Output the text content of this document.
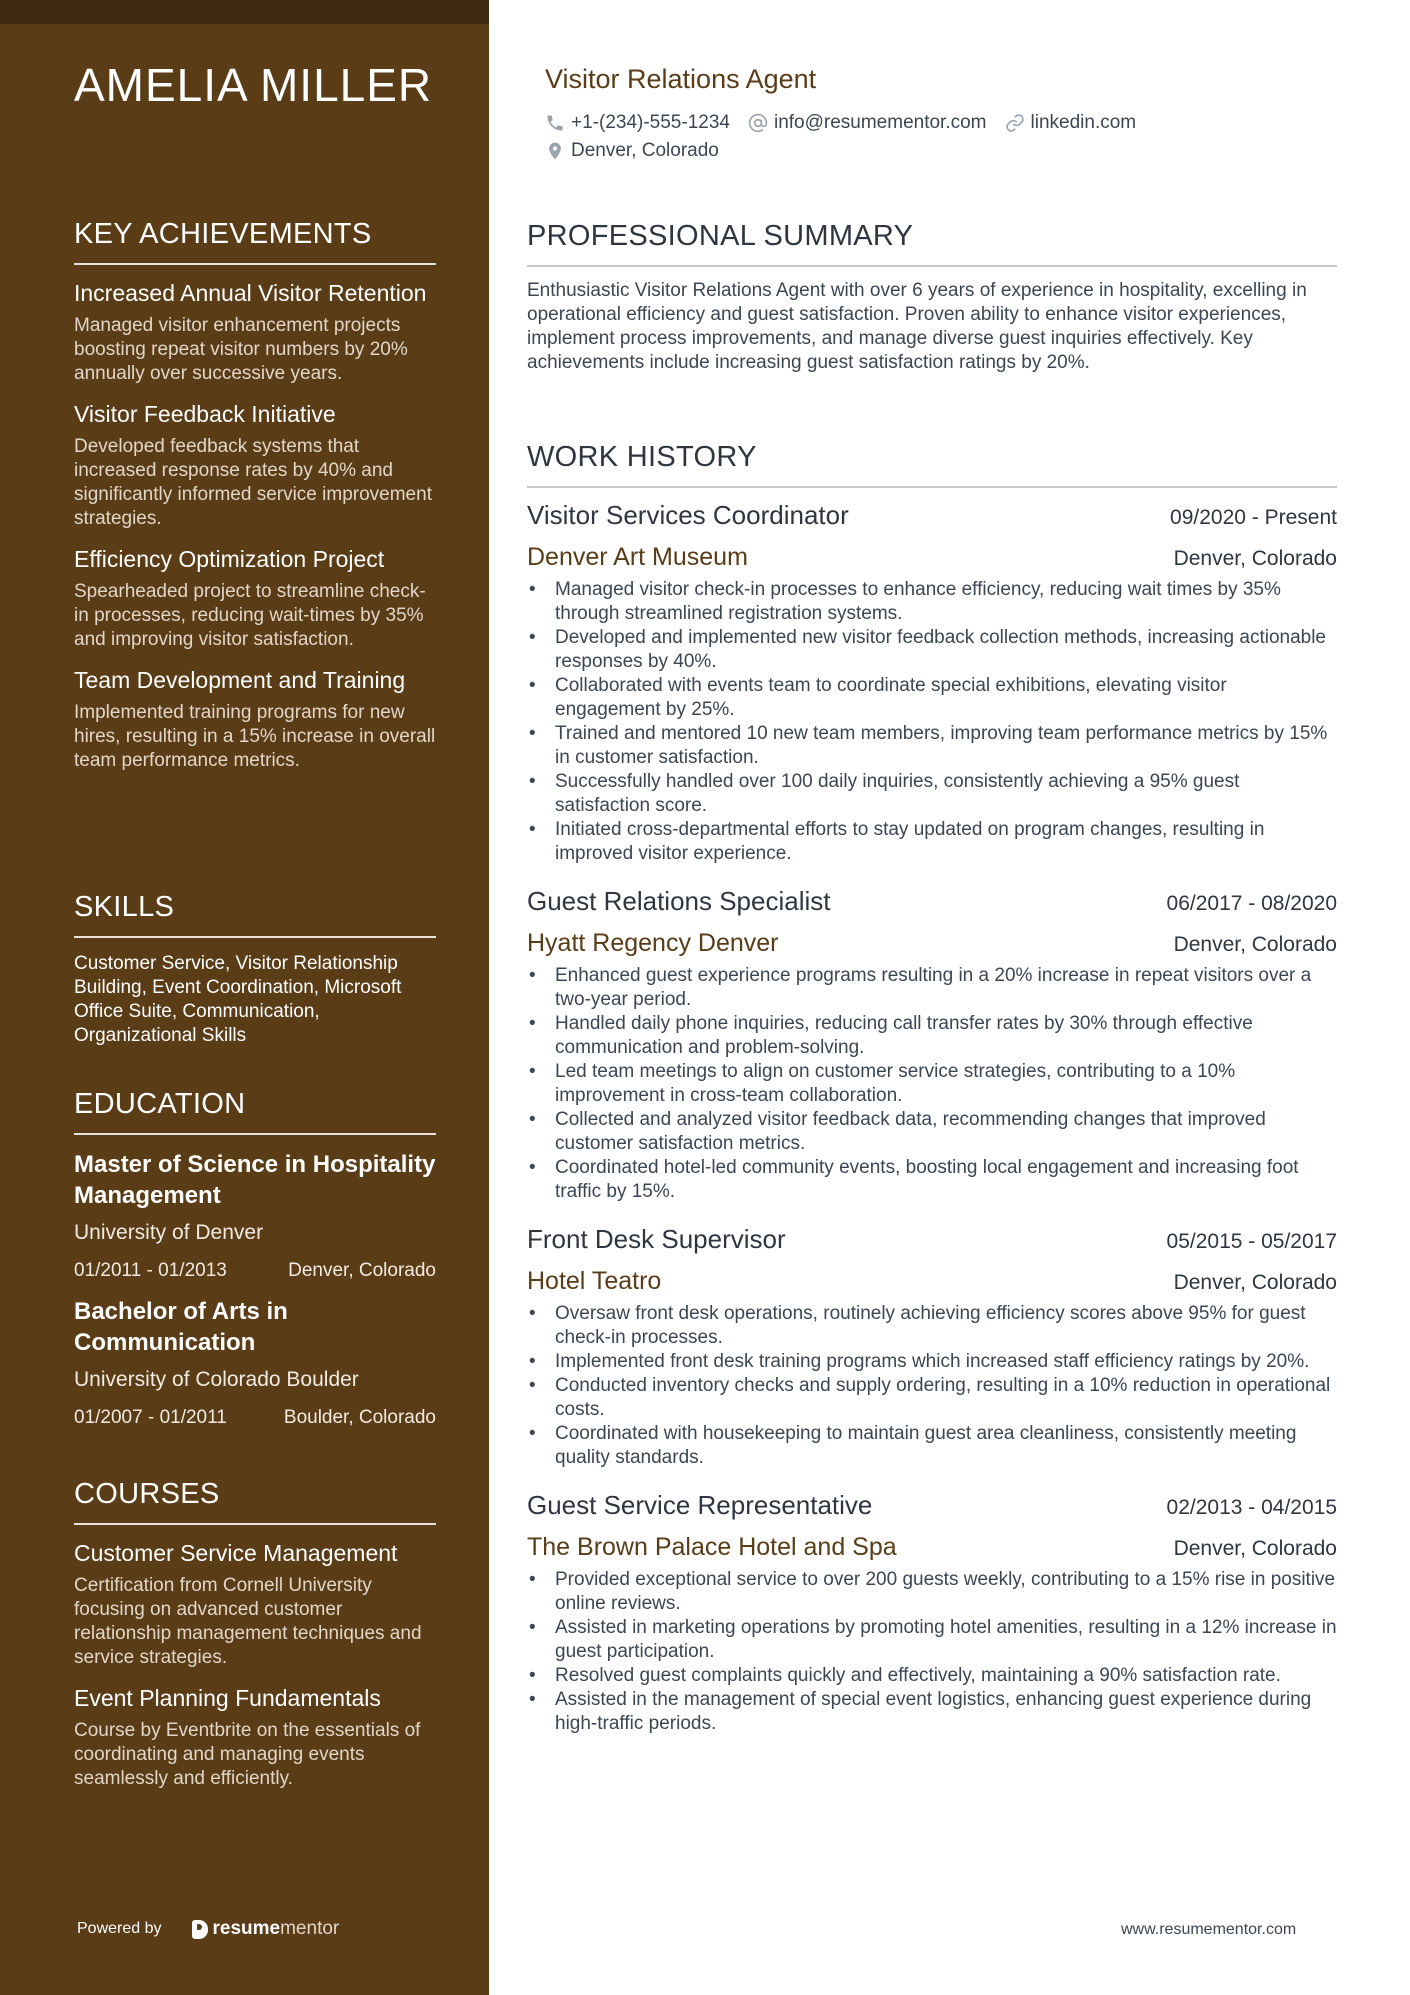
AMELIA MILLER
KEY ACHIEVEMENTS
Increased Annual Visitor Retention
Managed visitor enhancement projects boosting repeat visitor numbers by 20% annually over successive years.
Visitor Feedback Initiative
Developed feedback systems that increased response rates by 40% and significantly informed service improvement strategies.
Efficiency Optimization Project
Spearheaded project to streamline check-in processes, reducing wait-times by 35% and improving visitor satisfaction.
Team Development and Training
Implemented training programs for new hires, resulting in a 15% increase in overall team performance metrics.
SKILLS
Customer Service, Visitor Relationship Building, Event Coordination, Microsoft Office Suite, Communication, Organizational Skills
EDUCATION
Master of Science in Hospitality Management
University of Denver
01/2011 - 01/2013	Denver, Colorado
Bachelor of Arts in Communication
University of Colorado Boulder
01/2007 - 01/2011	Boulder, Colorado
COURSES
Customer Service Management
Certification from Cornell University focusing on advanced customer relationship management techniques and service strategies.
Event Planning Fundamentals
Course by Eventbrite on the essentials of coordinating and managing events seamlessly and efficiently.
Powered by	resume mentor
Visitor Relations Agent
+1-(234)-555-1234 info@resumementor.com linkedin.com
Denver, Colorado
PROFESSIONAL SUMMARY
Enthusiastic Visitor Relations Agent with over 6 years of experience in hospitality, excelling in operational efficiency and guest satisfaction. Proven ability to enhance visitor experiences, implement process improvements, and manage diverse guest inquiries effectively. Key achievements include increasing guest satisfaction ratings by 20%.
WORK HISTORY
Visitor Services Coordinator	09/2020 - Present
Denver Art Museum	Denver, Colorado
• Managed visitor check-in processes to enhance efficiency, reducing wait times by 35% through streamlined registration systems.
• Developed and implemented new visitor feedback collection methods, increasing actionable responses by 40%.
• Collaborated with events team to coordinate special exhibitions, elevating visitor engagement by 25%.
• Trained and mentored 10 new team members, improving team performance metrics by 15% in customer satisfaction.
• Successfully handled over 100 daily inquiries, consistently achieving a 95% guest satisfaction score.
• Initiated cross-departmental efforts to stay updated on program changes, resulting in improved visitor experience.
Guest Relations Specialist	06/2017 - 08/2020
Hyatt Regency Denver	Denver, Colorado
• Enhanced guest experience programs resulting in a 20% increase in repeat visitors over a two-year period.
• Handled daily phone inquiries, reducing call transfer rates by 30% through effective communication and problem-solving.
• Led team meetings to align on customer service strategies, contributing to a 10% improvement in cross-team collaboration.
• Collected and analyzed visitor feedback data, recommending changes that improved customer satisfaction metrics.
• Coordinated hotel-led community events, boosting local engagement and increasing foot traffic by 15%.
Front Desk Supervisor	05/2015 - 05/2017
Hotel Teatro	Denver, Colorado
• Oversaw front desk operations, routinely achieving efficiency scores above 95% for guest check-in processes.
• Implemented front desk training programs which increased staff efficiency ratings by 20%.
• Conducted inventory checks and supply ordering, resulting in a 10% reduction in operational costs.
• Coordinated with housekeeping to maintain guest area cleanliness, consistently meeting quality standards.
Guest Service Representative	02/2013 - 04/2015
The Brown Palace Hotel and Spa	Denver, Colorado
• Provided exceptional service to over 200 guests weekly, contributing to a 15% rise in positive online reviews.
• Assisted in marketing operations by promoting hotel amenities, resulting in a 12% increase in guest participation.
• Resolved guest complaints quickly and effectively, maintaining a 90% satisfaction rate.
• Assisted in the management of special event logistics, enhancing guest experience during high-traffic periods.
www.resumementor.com
